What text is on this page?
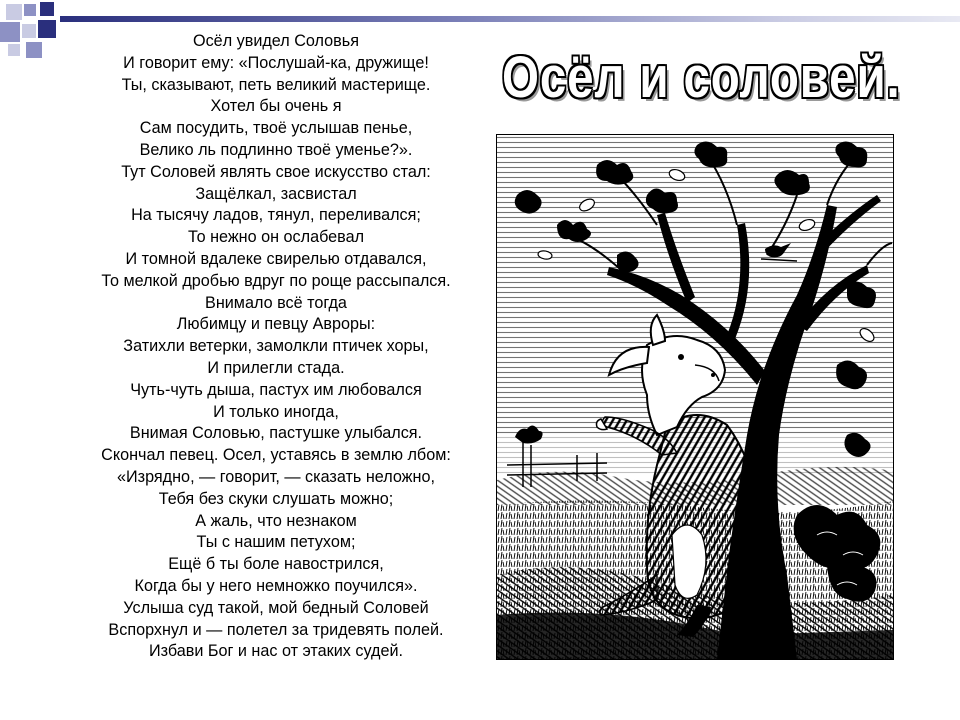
Осёл увидел Соловья
И говорит ему: «Послушай-ка, дружище!
Ты, сказывают, петь великий мастерище.
Хотел бы очень я
Сам посудить, твоё услышав пенье,
Велико ль подлинно твоё уменье?».
Тут Соловей являть свое искусство стал:
Защёлкал, засвистал
На тысячу ладов, тянул, переливался;
То нежно он ослабевал
И томной вдалеке свирелью отдавался,
То мелкой дробью вдруг по роще рассыпался.
Внимало всё тогда
Любимцу и певцу Авроры:
Затихли ветерки, замолкли птичек хоры,
И прилегли стада.
Чуть-чуть дыша, пастух им любовался
И только иногда,
Внимая Соловью, пастушке улыбался.
Скончал певец. Осел, уставясь в землю лбом:
«Изрядно, — говорит, — сказать неложно,
Тебя без скуки слушать можно;
А жаль, что незнаком
Ты с нашим петухом;
Ещё б ты боле навострился,
Когда бы у него немножко поучился».
Услыша суд такой, мой бедный Соловей
Вспорхнул и — полетел за тридевять полей.
Избави Бог и нас от этаких судей.
Осёл и соловей.
